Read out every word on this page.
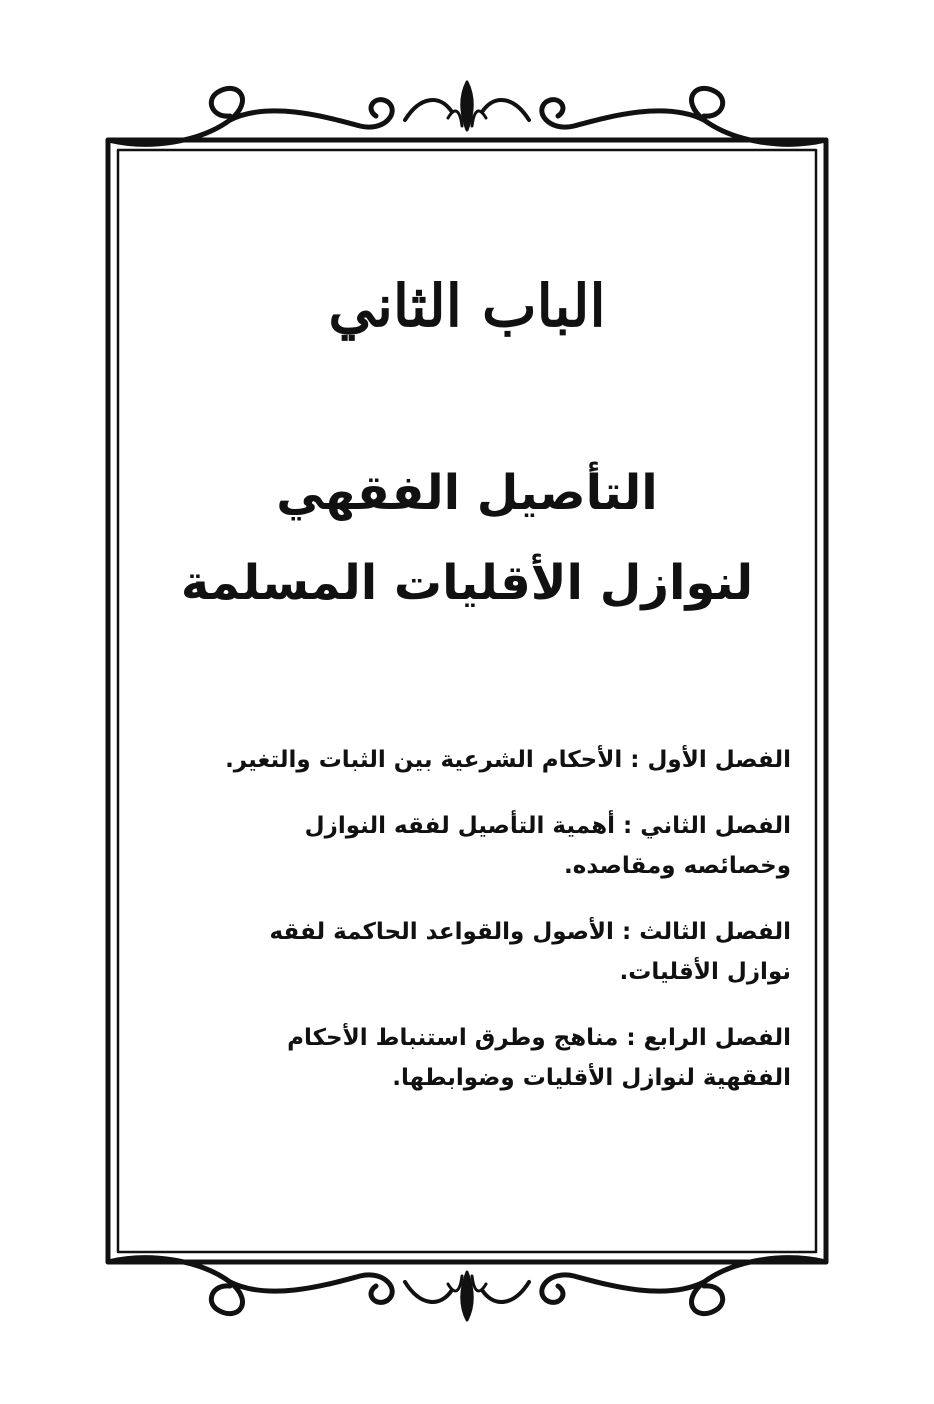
الباب الثاني
التأصيل الفقهي
لنوازل الأقليات المسلمة
الفصل الأول : الأحكام الشرعية بين الثبات والتغير.
الفصل الثاني : أهمية التأصيل لفقه النوازل وخصائصه ومقاصده.
الفصل الثالث : الأصول والقواعد الحاكمة لفقه نوازل الأقليات.
الفصل الرابع : مناهج وطرق استنباط الأحكام الفقهية لنوازل الأقليات وضوابطها.
